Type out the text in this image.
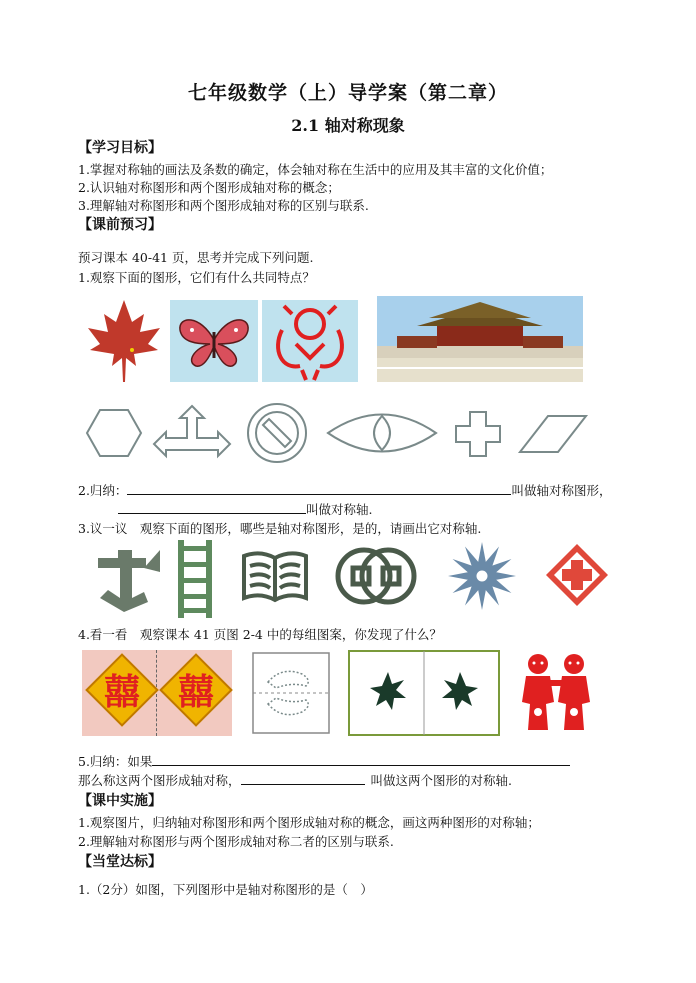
七年级数学（上）导学案（第二章）
2.1 轴对称现象
【学习目标】
1.掌握对称轴的画法及条数的确定，体会轴对称在生活中的应用及其丰富的文化价值；
2.认识轴对称图形和两个图形成轴对称的概念；
3.理解轴对称图形和两个图形成轴对称的区别与联系.
【课前预习】
预习课本 40-41 页，思考并完成下列问题.
1.观察下面的图形，它们有什么共同特点？
2.归纳：	叫做轴对称图形，
叫做对称轴.
3.议一议　观察下面的图形，哪些是轴对称图形，是的，请画出它对称轴.
4.看一看　观察课本 41 页图 2-4 中的每组图案，你发现了什么？
囍	囍
5.归纳：如果
那么称这两个图形成轴对称，	叫做这两个图形的对称轴.
【课中实施】
1.观察图片，归纳轴对称图形和两个图形成轴对称的概念，画这两种图形的对称轴；
2.理解轴对称图形与两个图形成轴对称二者的区别与联系.
【当堂达标】
1.（2分）如图，下列图形中是轴对称图形的是（　）
